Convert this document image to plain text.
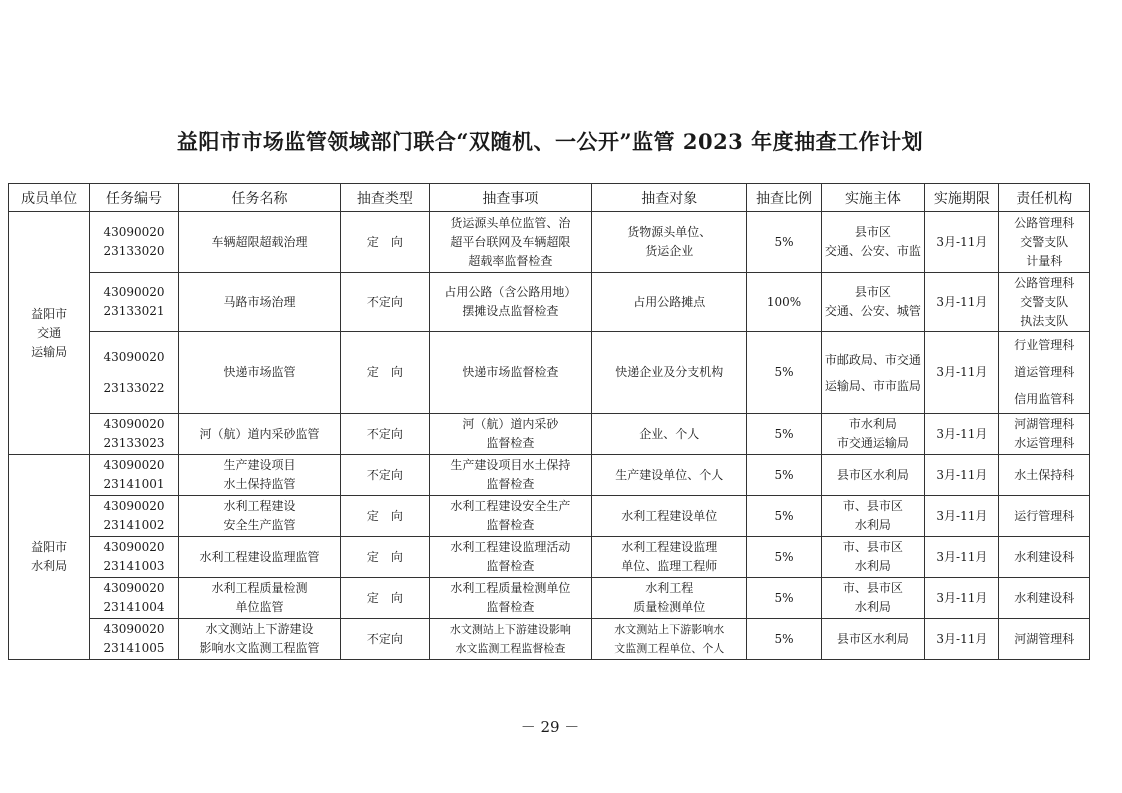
益阳市市场监管领域部门联合“双随机、一公开”监管 2023 年度抽查工作计划
成员单位	任务编号	任务名称	抽查类型	抽查事项	抽查对象	抽查比例	实施主体	实施期限	责任机构

益阳市
交通
运输局	43090020
23133020	车辆超限超载治理	定　向	货运源头单位监管、治
超平台联网及车辆超限
超载率监督检查	货物源头单位、
货运企业	5%	县市区
交通、公安、市监	3月-11月	公路管理科
交警支队
计量科

	43090020
23133021	马路市场治理	不定向	占用公路（含公路用地）
摆摊设点监督检查	占用公路摊点	100%	县市区
交通、公安、城管	3月-11月	公路管理科
交警支队
执法支队

	43090020
23133022	快递市场监管	定　向	快递市场监督检查	快递企业及分支机构	5%	市邮政局、市交通
运输局、市市监局	3月-11月	行业管理科
道运管理科
信用监管科

	43090020
23133023	河（航）道内采砂监管	不定向	河（航）道内采砂
监督检查	企业、个人	5%	市水利局
市交通运输局	3月-11月	河湖管理科
水运管理科

益阳市
水利局	43090020
23141001	生产建设项目
水土保持监管	不定向	生产建设项目水土保持
监督检查	生产建设单位、个人	5%	县市区水利局	3月-11月	水土保持科

	43090020
23141002	水利工程建设
安全生产监管	定　向	水利工程建设安全生产
监督检查	水利工程建设单位	5%	市、县市区
水利局	3月-11月	运行管理科

	43090020
23141003	水利工程建设监理监管	定　向	水利工程建设监理活动
监督检查	水利工程建设监理
单位、监理工程师	5%	市、县市区
水利局	3月-11月	水利建设科

	43090020
23141004	水利工程质量检测
单位监管	定　向	水利工程质量检测单位
监督检查	水利工程
质量检测单位	5%	市、县市区
水利局	3月-11月	水利建设科

	43090020
23141005	水文测站上下游建设
影响水文监测工程监管	不定向	水文测站上下游建设影响
水文监测工程监督检查	水文测站上下游影响水
文监测工程单位、个人	5%	县市区水利局	3月-11月	河湖管理科
－ 29 －
